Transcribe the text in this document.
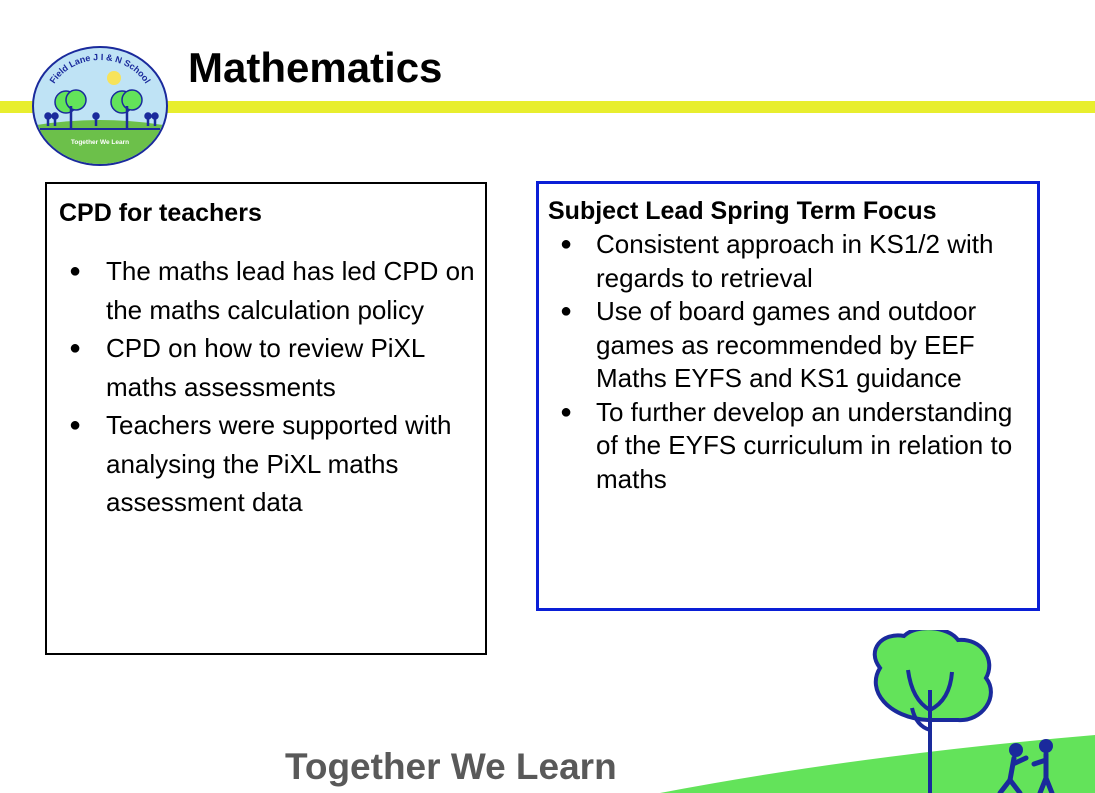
Field Lane J I & N School
Together We Learn
Mathematics

CPD for teachers

● The maths lead has led CPD on the maths calculation policy
● CPD on how to review PiXL maths assessments
● Teachers were supported with analysing the PiXL maths assessment data

Subject Lead Spring Term Focus

● Consistent approach in KS1/2 with regards to retrieval
● Use of board games and outdoor games as recommended by EEF Maths EYFS and KS1 guidance
● To further develop an understanding of the EYFS curriculum in relation to maths

Together We Learn
